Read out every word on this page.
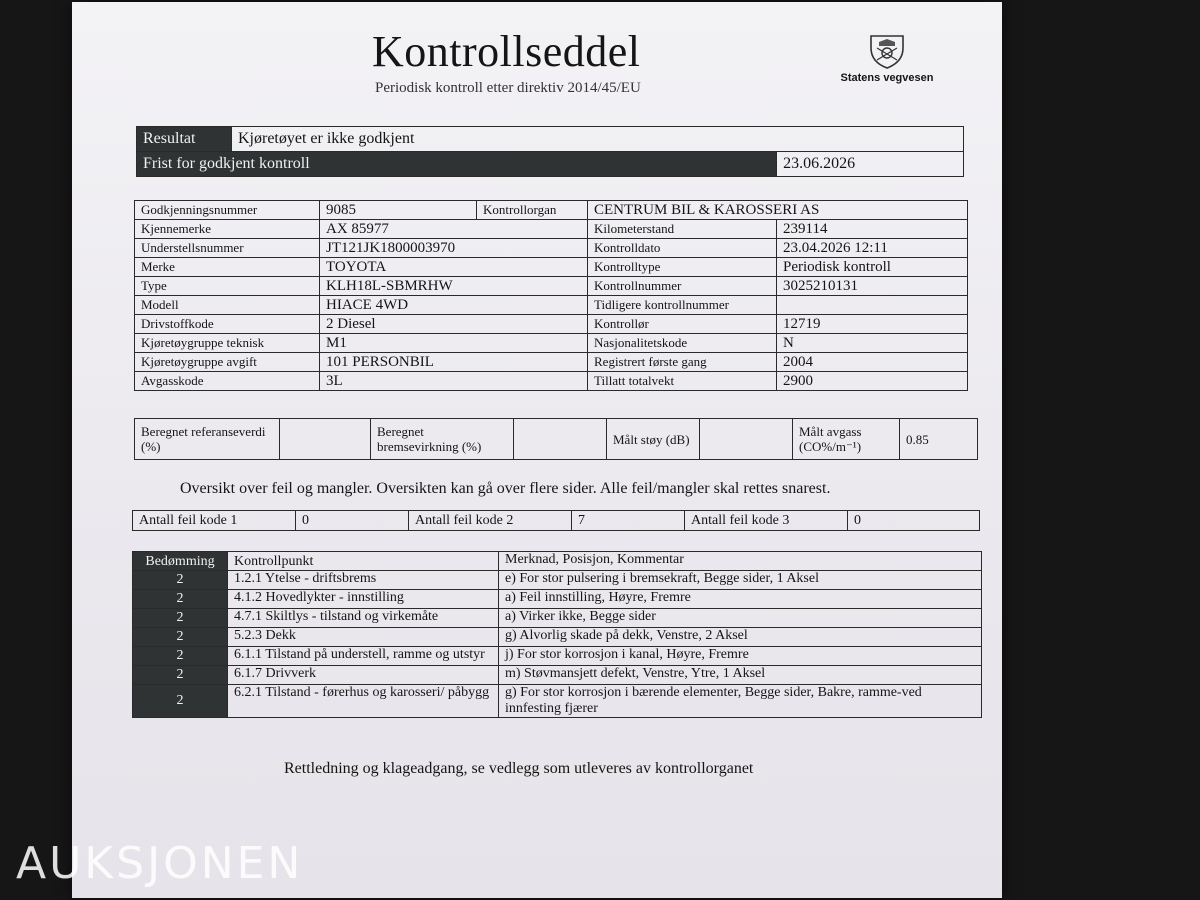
Kontrollseddel
Periodisk kontroll etter direktiv 2014/45/EU
Statens vegvesen
Resultat	Kjøretøyet er ikke godkjent	
Frist for godkjent kontroll		23.06.2026
Godkjenningsnummer	9085	Kontrollorgan	CENTRUM BIL & KAROSSERI AS	
Kjennemerke	AX 85977		Kilometerstand	239114
Understellsnummer	JT121JK1800003970		Kontrolldato	23.04.2026 12:11
Merke	TOYOTA		Kontrolltype	Periodisk kontroll
Type	KLH18L-SBMRHW		Kontrollnummer	3025210131
Modell	HIACE 4WD		Tidligere kontrollnummer	
Drivstoffkode	2 Diesel		Kontrollør	12719
Kjøretøygruppe teknisk	M1		Nasjonalitetskode	N
Kjøretøygruppe avgift	101 PERSONBIL		Registrert første gang	2004
Avgasskode	3L		Tillatt totalvekt	2900
Beregnet referanseverdi (%)		Beregnet bremsevirkning (%)		Målt støy (dB)		Målt avgass (CO%/m⁻¹)	0.85
Oversikt over feil og mangler. Oversikten kan gå over flere sider. Alle feil/mangler skal rettes snarest.
Antall feil kode 1	0	Antall feil kode 2	7	Antall feil kode 3	0
Bedømming	Kontrollpunkt	Merknad, Posisjon, Kommentar
2	1.2.1 Ytelse - driftsbrems	e) For stor pulsering i bremsekraft, Begge sider, 1 Aksel
2	4.1.2 Hovedlykter - innstilling	a) Feil innstilling, Høyre, Fremre
2	4.7.1 Skiltlys - tilstand og virkemåte	a) Virker ikke, Begge sider
2	5.2.3 Dekk	g) Alvorlig skade på dekk, Venstre, 2 Aksel
2	6.1.1 Tilstand på understell, ramme og utstyr	j) For stor korrosjon i kanal, Høyre, Fremre
2	6.1.7 Drivverk	m) Støvmansjett defekt, Venstre, Ytre, 1 Aksel
2	6.2.1 Tilstand - førerhus og karosseri/ påbygg	g) For stor korrosjon i bærende elementer, Begge sider, Bakre, ramme-ved innfesting fjærer
Rettledning og klageadgang, se vedlegg som utleveres av kontrollorganet
AUKSJONEN
